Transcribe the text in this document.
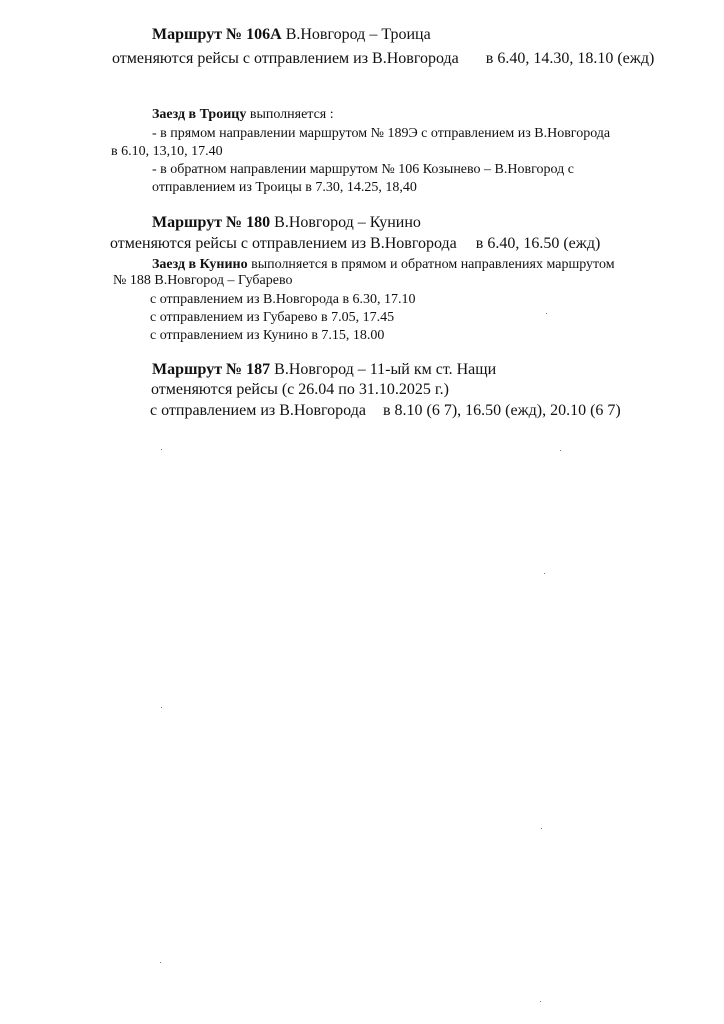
Маршрут № 106А В.Новгород – Троица
отменяются рейсы с отправлением из В.Новгорода в 6.40, 14.30, 18.10 (ежд)
Заезд в Троицу выполняется :
- в прямом направлении маршрутом № 189Э с отправлением из В.Новгорода
в 6.10, 13,10, 17.40
- в обратном направлении маршрутом № 106 Козынево – В.Новгород с
отправлением из Троицы в 7.30, 14.25, 18,40
Маршрут № 180 В.Новгород – Кунино
отменяются рейсы с отправлением из В.Новгорода в 6.40, 16.50 (ежд)
Заезд в Кунино выполняется в прямом и обратном направлениях маршрутом
№ 188 В.Новгород – Губарево
с отправлением из В.Новгорода в 6.30, 17.10
с отправлением из Губарево в 7.05, 17.45
с отправлением из Кунино в 7.15, 18.00
Маршрут № 187 В.Новгород – 11-ый км ст. Нащи
отменяются рейсы (с 26.04 по 31.10.2025 г.)
с отправлением из В.Новгорода в 8.10 (6 7), 16.50 (ежд), 20.10 (6 7)
